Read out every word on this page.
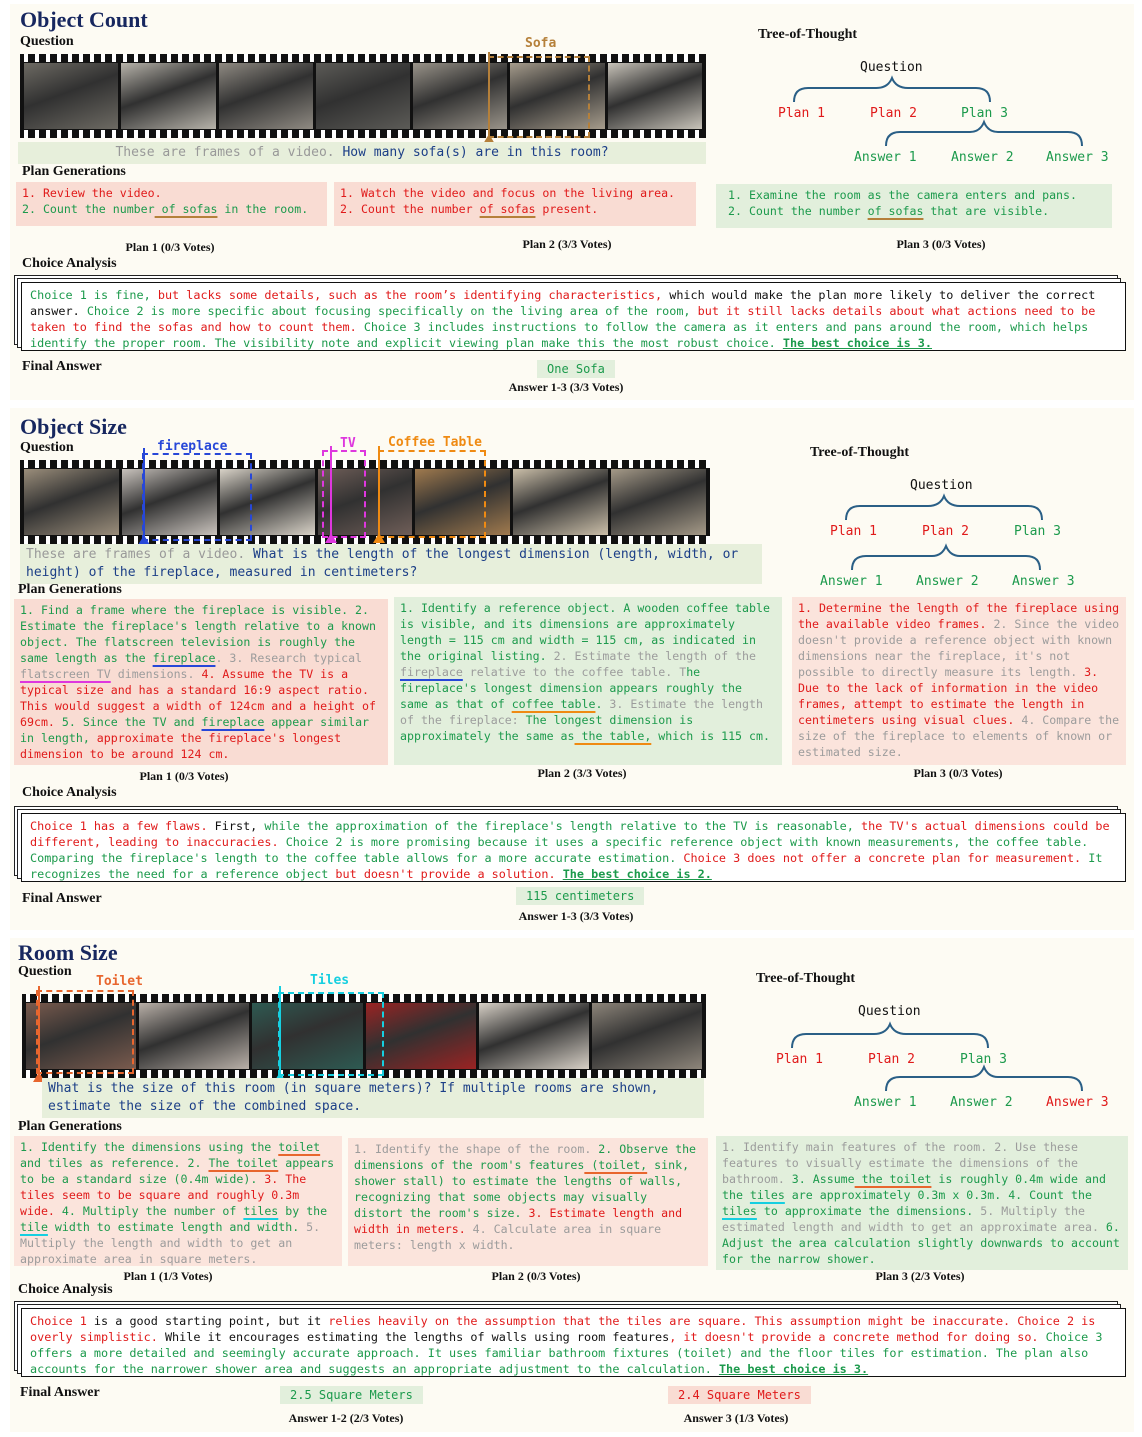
Object Count
Question	Sofa
These are frames of a video. How many sofa(s) are in this room?
Plan Generations
1. Review the video.
2. Count the number of sofas in the room.
1. Watch the video and focus on the living area.
2. Count the number of sofas present.
1. Examine the room as the camera enters and pans.
2. Count the number of sofas that are visible.
Plan 1 (0/3 Votes)	Plan 2 (3/3 Votes)	Plan 3 (0/3 Votes)
Choice Analysis
Choice 1 is fine, but lacks some details, such as the room’s identifying characteristics, which would make the plan more likely to deliver the correct answer. Choice 2 is more specific about focusing specifically on the living area of the room, but it still lacks details about what actions need to be taken to find the sofas and how to count them. Choice 3 includes instructions to follow the camera as it enters and pans around the room, which helps identify the proper room. The visibility note and explicit viewing plan make this the most robust choice. The best choice is 3.
Final Answer	One Sofa
Answer 1-3 (3/3 Votes)
Tree-of-Thought
Question
Plan 1	Plan 2	Plan 3
Answer 1	Answer 2 Answer 3
Object Size
Question	fireplace	TV Coffee Table
These are frames of a video. What is the length of the longest dimension (length, width, or height) of the fireplace, measured in centimeters?
Plan Generations
1. Find a frame where the fireplace is visible. 2. Estimate the fireplace's length relative to a known object. The flatscreen television is roughly the same length as the fireplace. 3. Research typical flatscreen TV dimensions. 4. Assume the TV is a typical size and has a standard 16:9 aspect ratio. This would suggest a width of 124cm and a height of 69cm. 5. Since the TV and fireplace appear similar in length, approximate the fireplace's longest dimension to be around 124 cm.
1. Identify a reference object. A wooden coffee table is visible, and its dimensions are approximately length = 115 cm and width = 115 cm, as indicated in the original listing. 2. Estimate the length of the fireplace relative to the coffee table. The fireplace's longest dimension appears roughly the same as that of coffee table. 3. Estimate the length of the fireplace: The longest dimension is approximately the same as the table, which is 115 cm.
1. Determine the length of the fireplace using the available video frames. 2. Since the video doesn't provide a reference object with known dimensions near the fireplace, it's not possible to directly measure its length. 3. Due to the lack of information in the video frames, attempt to estimate the length in centimeters using visual clues. 4. Compare the size of the fireplace to elements of known or estimated size.
Plan 1 (0/3 Votes)	Plan 2 (3/3 Votes)	Plan 3 (0/3 Votes)
Choice Analysis
Choice 1 has a few flaws. First, while the approximation of the fireplace's length relative to the TV is reasonable, the TV's actual dimensions could be different, leading to inaccuracies. Choice 2 is more promising because it uses a specific reference object with known measurements, the coffee table. Comparing the fireplace's length to the coffee table allows for a more accurate estimation. Choice 3 does not offer a concrete plan for measurement. It recognizes the need for a reference object but doesn't provide a solution. The best choice is 2.
Final Answer	115 centimeters
Answer 1-3 (3/3 Votes)
Tree-of-Thought
Question
Plan 1	Plan 2	Plan 3
Answer 1	Answer 2	Answer 3
Room Size
Question
Toilet	Tiles
What is the size of this room (in square meters)? If multiple rooms are shown, estimate the size of the combined space.
Plan Generations
1. Identify the dimensions using the toilet and tiles as reference. 2. The toilet appears to be a standard size (0.4m wide). 3. The tiles seem to be square and roughly 0.3m wide. 4. Multiply the number of tiles by the tile width to estimate length and width. 5. Multiply the length and width to get an approximate area in square meters.
1. Identify the shape of the room. 2. Observe the dimensions of the room's features (toilet, sink, shower stall) to estimate the lengths of walls, recognizing that some objects may visually distort the room's size. 3. Estimate length and width in meters. 4. Calculate area in square meters: length x width.
1. Identify main features of the room. 2. Use these features to visually estimate the dimensions of the bathroom. 3. Assume the toilet is roughly 0.4m wide and the tiles are approximately 0.3m x 0.3m. 4. Count the tiles to approximate the dimensions. 5. Multiply the estimated length and width to get an approximate area. 6. Adjust the area calculation slightly downwards to account for the narrow shower.
Plan 1 (1/3 Votes)	Plan 2 (0/3 Votes)	Plan 3 (2/3 Votes)
Choice Analysis
Choice 1 is a good starting point, but it relies heavily on the assumption that the tiles are square. This assumption might be inaccurate. Choice 2 is overly simplistic. While it encourages estimating the lengths of walls using room features, it doesn't provide a concrete method for doing so. Choice 3 offers a more detailed and seemingly accurate approach. It uses familiar bathroom fixtures (toilet) and the floor tiles for estimation. The plan also accounts for the narrower shower area and suggests an appropriate adjustment to the calculation. The best choice is 3.
Final Answer	2.5 Square Meters
Answer 1-2 (2/3 Votes)
2.4 Square Meters
Answer 3 (1/3 Votes)
Tree-of-Thought
Question
Plan 1	Plan 2	Plan 3
Answer 1	Answer 2	Answer 3
